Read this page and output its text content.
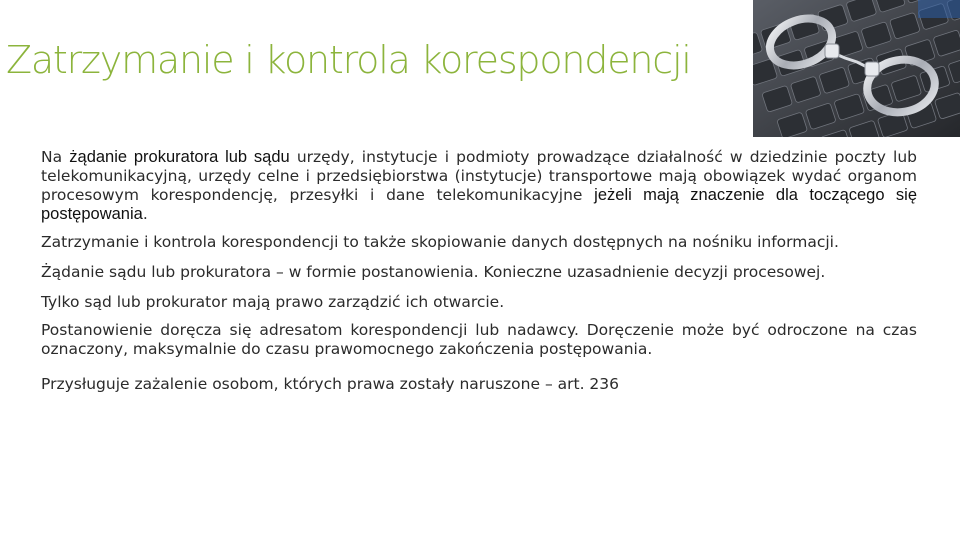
Zatrzymanie i kontrola korespondencji

Na żądanie prokuratora lub sądu urzędy, instytucje i podmioty prowadzące działalność w dziedzinie poczty lub telekomunikacyjną, urzędy celne i przedsiębiorstwa (instytucje) transportowe mają obowiązek wydać organom procesowym korespondencję, przesyłki i dane telekomunikacyjne jeżeli mają znaczenie dla toczącego się postępowania.

Zatrzymanie i kontrola korespondencji to także skopiowanie danych dostępnych na nośniku informacji.

Żądanie sądu lub prokuratora – w formie postanowienia. Konieczne uzasadnienie decyzji procesowej.

Tylko sąd lub prokurator mają prawo zarządzić ich otwarcie.

Postanowienie doręcza się adresatom korespondencji lub nadawcy. Doręczenie może być odroczone na czas oznaczony, maksymalnie do czasu prawomocnego zakończenia postępowania.

Przysługuje zażalenie osobom, których prawa zostały naruszone – art. 236
